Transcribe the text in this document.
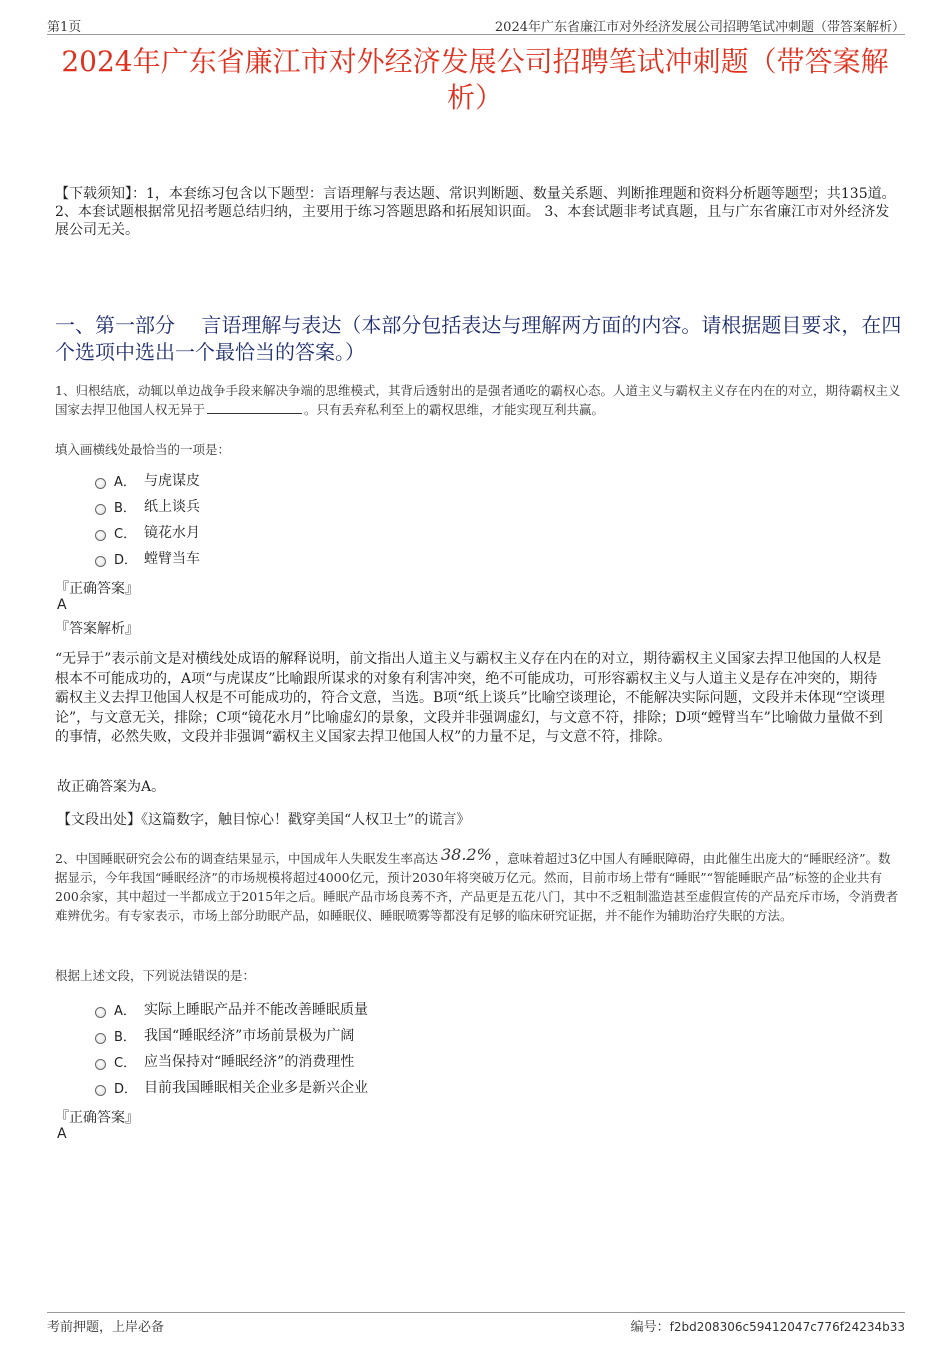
第1页	2024年广东省廉江市对外经济发展公司招聘笔试冲刺题（带答案解析）
2024年广东省廉江市对外经济发展公司招聘笔试冲刺题（带答案解析）
【下载须知】：1，本套练习包含以下题型：言语理解与表达题、常识判断题、数量关系题、判断推理题和资料分析题等题型；共135道。 2、本套试题根据常见招考题总结归纳，主要用于练习答题思路和拓展知识面。 3、本套试题非考试真题，且与广东省廉江市对外经济发展公司无关。
一、第一部分　 言语理解与表达（本部分包括表达与理解两方面的内容。请根据题目要求，在四个选项中选出一个最恰当的答案。）
1、归根结底，动辄以单边战争手段来解决争端的思维模式，其背后透射出的是强者通吃的霸权心态。人道主义与霸权主义存在内在的对立，期待霸权主义国家去捍卫他国人权无异于	。只有丢弃私利至上的霸权思维，才能实现互利共赢。
填入画横线处最恰当的一项是：
A． 与虎谋皮
B． 纸上谈兵
C． 镜花水月
D． 螳臂当车
『正确答案』
A
『答案解析』
“无异于”表示前文是对横线处成语的解释说明，前文指出人道主义与霸权主义存在内在的对立，期待霸权主义国家去捍卫他国的人权是根本不可能成功的，A项“与虎谋皮”比喻跟所谋求的对象有利害冲突，绝不可能成功，可形容霸权主义与人道主义是存在冲突的，期待霸权主义去捍卫他国人权是不可能成功的，符合文意，当选。B项“纸上谈兵”比喻空谈理论，不能解决实际问题，文段并未体现“空谈理论”，与文意无关，排除；C项“镜花水月”比喻虚幻的景象，文段并非强调虚幻，与文意不符，排除；D项“螳臂当车”比喻做力量做不到的事情，必然失败，文段并非强调“霸权主义国家去捍卫他国人权”的力量不足，与文意不符，排除。
故正确答案为A。
【文段出处】《这篇数字，触目惊心！戳穿美国“人权卫士”的谎言》
2、中国睡眠研究会公布的调查结果显示，中国成年人失眠发生率高达 38.2% ，意味着超过3亿中国人有睡眠障碍，由此催生出庞大的“睡眠经济”。数据显示，今年我国“睡眠经济”的市场规模将超过4000亿元，预计2030年将突破万亿元。然而，目前市场上带有“睡眠”“智能睡眠产品”标签的企业共有200余家，其中超过一半都成立于2015年之后。睡眠产品市场良莠不齐，产品更是五花八门，其中不乏粗制滥造甚至虚假宣传的产品充斥市场，令消费者难辨优劣。有专家表示，市场上部分助眠产品，如睡眠仪、睡眠喷雾等都没有足够的临床研究证据，并不能作为辅助治疗失眠的方法。
根据上述文段，下列说法错误的是：
A． 实际上睡眠产品并不能改善睡眠质量
B． 我国“睡眠经济”市场前景极为广阔
C． 应当保持对“睡眠经济”的消费理性
D． 目前我国睡眠相关企业多是新兴企业
『正确答案』
A
考前押题，上岸必备	编号：f2bd208306c59412047c776f24234b33
